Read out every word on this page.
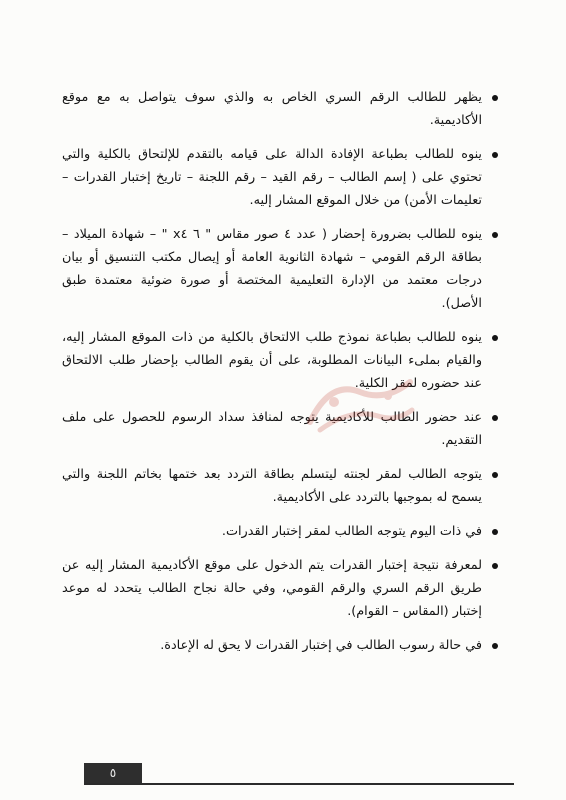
يظهر للطالب الرقم السري الخاص به والذي سوف يتواصل به مع موقع الأكاديمية.
ينوه للطالب بطباعة الإفادة الدالة على قيامه بالتقدم للإلتحاق بالكلية والتي تحتوي على ( إسم الطالب – رقم القيد – رقم اللجنة – تاريخ إختبار القدرات – تعليمات الأمن) من خلال الموقع المشار إليه.
ينوه للطالب بضرورة إحضار ( عدد ٤ صور مقاس " ٦ x٤ " – شهادة الميلاد – بطاقة الرقم القومي – شهادة الثانوية العامة أو إيصال مكتب التنسيق أو بيان درجات معتمد من الإدارة التعليمية المختصة أو صورة ضوئية معتمدة طبق الأصل).
ينوه للطالب بطباعة نموذج طلب الالتحاق بالكلية من ذات الموقع المشار إليه، والقيام بملىء البيانات المطلوبة، على أن يقوم الطالب بإحضار طلب الالتحاق عند حضوره لمقر الكلية.
عند حضور الطالب للأكاديمية يتوجه لمنافذ سداد الرسوم للحصول على ملف التقديم.
يتوجه الطالب لمقر لجنته ليتسلم بطاقة التردد بعد ختمها بخاتم اللجنة والتي يسمح له بموجبها بالتردد على الأكاديمية.
في ذات اليوم يتوجه الطالب لمقر إختبار القدرات.
لمعرفة نتيجة إختبار القدرات يتم الدخول على موقع الأكاديمية المشار إليه عن طريق الرقم السري والرقم القومي، وفي حالة نجاح الطالب يتحدد له موعد إختبار (المقاس – القوام).
في حالة رسوب الطالب في إختبار القدرات لا يحق له الإعادة.
٥
